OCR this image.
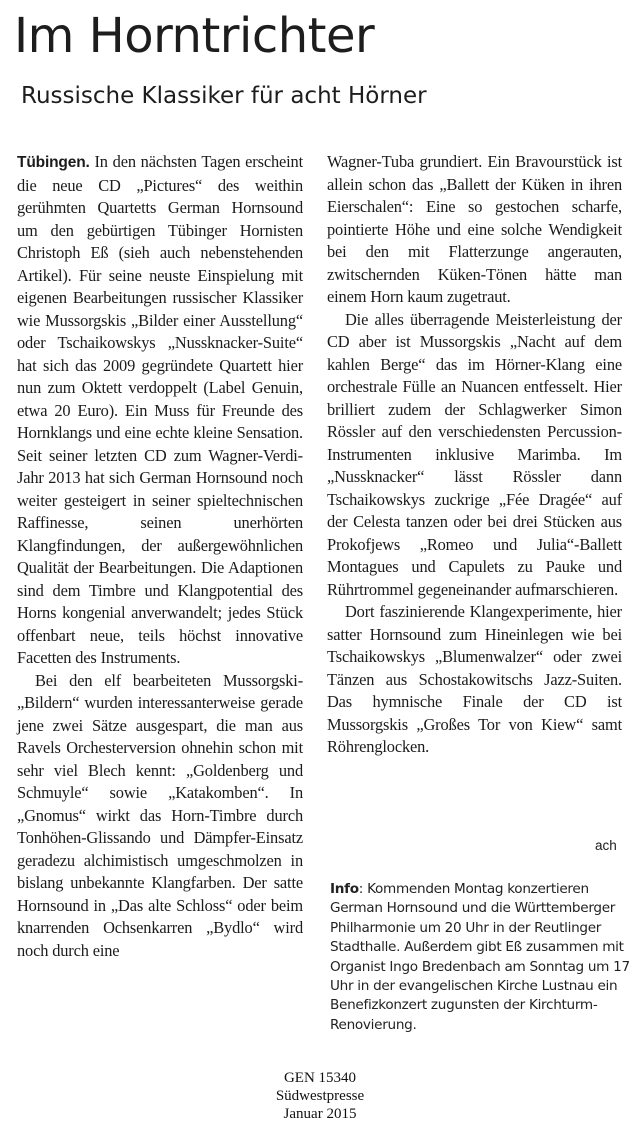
Im Horntrichter
Russische Klassiker für acht Hörner

Tübingen. In den nächsten Tagen erscheint die neue CD „Pictures“ des weithin gerühmten Quartetts German Hornsound um den gebürtigen Tübinger Hornisten Christoph Eß (sieh auch nebenstehenden Artikel). Für seine neuste Einspielung mit eigenen Bearbeitungen russischer Klassiker wie Mussorgskis „Bilder einer Ausstellung“ oder Tschaikowskys „Nussknacker-Suite“ hat sich das 2009 gegründete Quartett hier nun zum Oktett verdoppelt (Label Genuin, etwa 20 Euro). Ein Muss für Freunde des Hornklangs und eine echte kleine Sensation. Seit seiner letzten CD zum Wagner-Verdi-Jahr 2013 hat sich German Hornsound noch weiter gesteigert in seiner spieltechnischen Raffinesse, seinen unerhörten Klangfindungen, der außergewöhnlichen Qualität der Bearbeitungen. Die Adaptionen sind dem Timbre und Klangpotential des Horns kongenial anverwandelt; jedes Stück offenbart neue, teils höchst innovative Facetten des Instruments.

Bei den elf bearbeiteten Mussorgski-„Bildern“ wurden interessanterweise gerade jene zwei Sätze ausgespart, die man aus Ravels Orchesterversion ohnehin schon mit sehr viel Blech kennt: „Goldenberg und Schmuyle“ sowie „Katakomben“. In „Gnomus“ wirkt das Horn-Timbre durch Tonhöhen-Glissando und Dämpfer-Einsatz geradezu alchimistisch umgeschmolzen in bislang unbekannte Klangfarben. Der satte Hornsound in „Das alte Schloss“ oder beim knarrenden Ochsenkarren „Bydlo“ wird noch durch eine

Wagner-Tuba grundiert. Ein Bravourstück ist allein schon das „Ballett der Küken in ihren Eierschalen“: Eine so gestochen scharfe, pointierte Höhe und eine solche Wendigkeit bei den mit Flatterzunge angerauten, zwitschernden Küken-Tönen hätte man einem Horn kaum zugetraut.

Die alles überragende Meisterleistung der CD aber ist Mussorgskis „Nacht auf dem kahlen Berge“ das im Hörner-Klang eine orchestrale Fülle an Nuancen entfesselt. Hier brilliert zudem der Schlagwerker Simon Rössler auf den verschiedensten Percussion-Instrumenten inklusive Marimba. Im „Nussknacker“ lässt Rössler dann Tschaikowskys zuckrige „Fée Dragée“ auf der Celesta tanzen oder bei drei Stücken aus Prokofjews „Romeo und Julia“-Ballett Montagues und Capulets zu Pauke und Rührtrommel gegeneinander aufmarschieren.

Dort faszinierende Klangexperimente, hier satter Hornsound zum Hineinlegen wie bei Tschaikowskys „Blumenwalzer“ oder zwei Tänzen aus Schostakowitschs Jazz-Suiten. Das hymnische Finale der CD ist Mussorgskis „Großes Tor von Kiew“ samt Röhrenglocken.

ach
Info: Kommenden Montag konzertieren German Hornsound und die Württemberger Philharmonie um 20 Uhr in der Reutlinger Stadthalle. Außerdem gibt Eß zusammen mit Organist Ingo Bredenbach am Sonntag um 17 Uhr in der evangelischen Kirche Lustnau ein Benefizkonzert zugunsten der Kirchturm-Renovierung.
GEN 15340
Südwestpresse
Januar 2015
